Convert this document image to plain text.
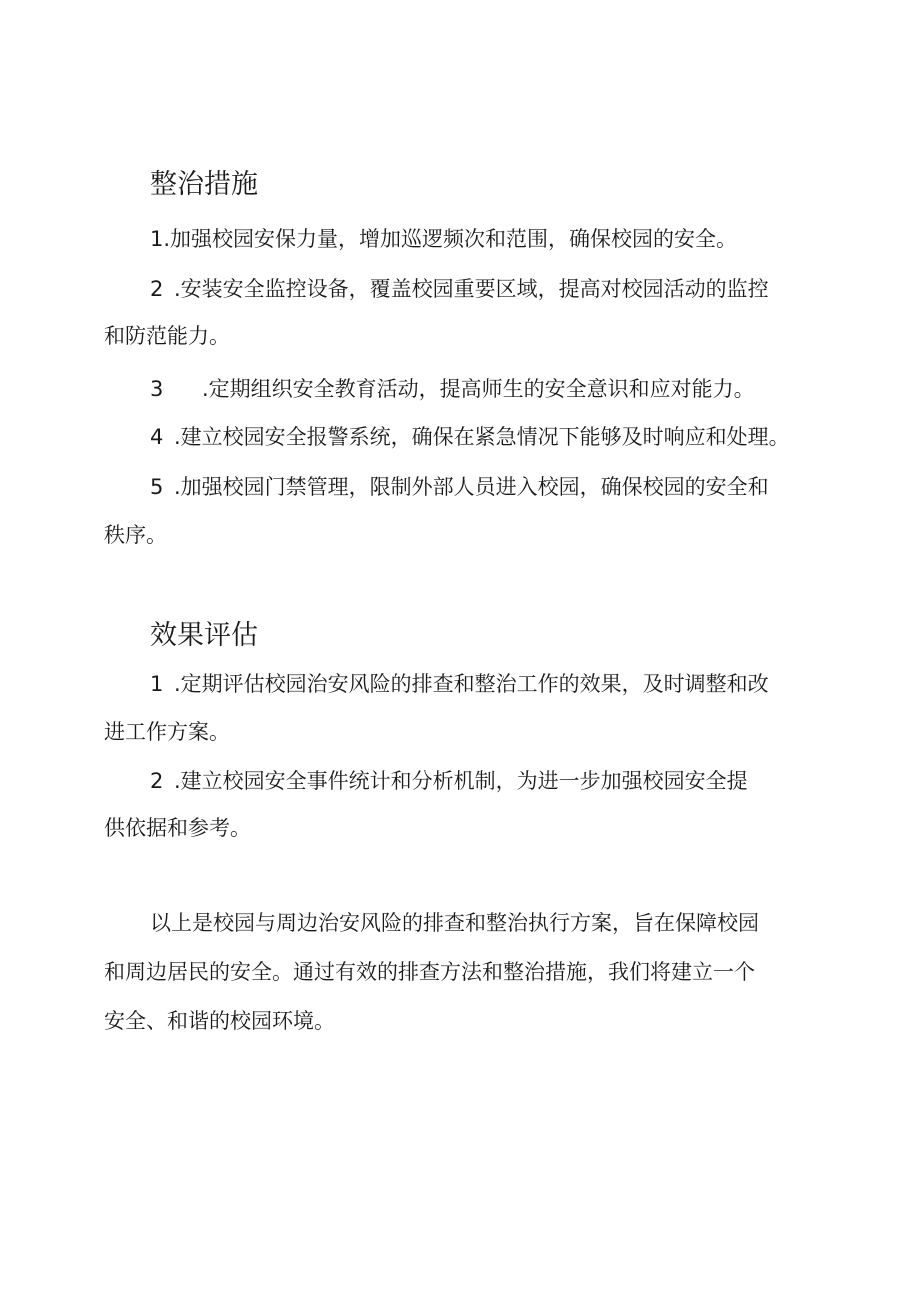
整治措施

1.加强校园安保力量，增加巡逻频次和范围，确保校园的安全。

2 .安装安全监控设备，覆盖校园重要区域，提高对校园活动的监控

和防范能力。

3 .定期组织安全教育活动，提高师生的安全意识和应对能力。

4 .建立校园安全报警系统，确保在紧急情况下能够及时响应和处理。

5 .加强校园门禁管理，限制外部人员进入校园，确保校园的安全和

秩序。

效果评估

1 .定期评估校园治安风险的排查和整治工作的效果，及时调整和改

进工作方案。

2 .建立校园安全事件统计和分析机制，为进一步加强校园安全提

供依据和参考。

以上是校园与周边治安风险的排查和整治执行方案，旨在保障校园

和周边居民的安全。通过有效的排查方法和整治措施，我们将建立一个

安全、和谐的校园环境。
